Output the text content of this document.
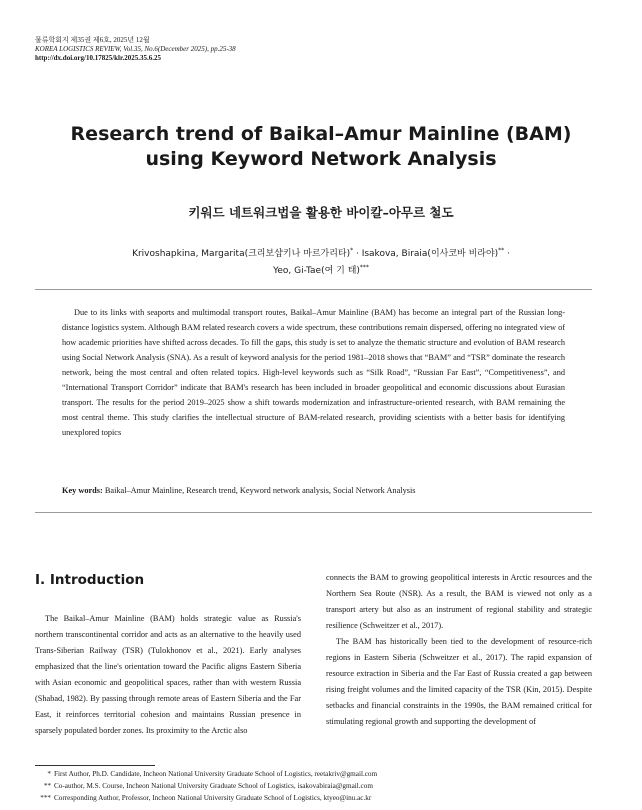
물류학회지 제35권 제6호, 2025년 12월
KOREA LOGISTICS REVIEW, Vol.35, No.6(December 2025), pp.25-38
http://dx.doi.org/10.17825/klr.2025.35.6.25
Research trend of Baikal–Amur Mainline (BAM)
using Keyword Network Analysis
키워드 네트워크법을 활용한 바이칼–아무르 철도
Krivoshapkina, Margarita(크리보샵키나 마르가리타)* · Isakova, Biraia(이사코바 비라야)** ·
Yeo, Gi-Tae(여 기 태)***

Due to its links with seaports and multimodal transport routes, Baikal–Amur Mainline (BAM) has become an integral part of the Russian long-distance logistics system. Although BAM related research covers a wide spectrum, these contributions remain dispersed, offering no integrated view of how academic priorities have shifted across decades. To fill the gaps, this study is set to analyze the thematic structure and evolution of BAM research using Social Network Analysis (SNA). As a result of keyword analysis for the period 1981–2018 shows that “BAM” and “TSR” dominate the research network, being the most central and often related topics. High-level keywords such as “Silk Road”, “Russian Far East”, “Competitiveness”, and “International Transport Corridor” indicate that BAM's research has been included in broader geopolitical and economic discussions about Eurasian transport. The results for the period 2019–2025 show a shift towards modernization and infrastructure-oriented research, with BAM remaining the most central theme. This study clarifies the intellectual structure of BAM-related research, providing scientists with a better basis for identifying unexplored topics

Key words: Baikal–Amur Mainline, Research trend, Keyword network analysis, Social Network Analysis
Ⅰ. Introduction

The Baikal–Amur Mainline (BAM) holds strategic value as Russia's northern transcontinental corridor and acts as an alternative to the heavily used Trans-Siberian Railway (TSR) (Tulokhonov et al., 2021). Early analyses emphasized that the line's orientation toward the Pacific aligns Eastern Siberia with Asian economic and geopolitical spaces, rather than with western Russia (Shabad, 1982). By passing through remote areas of Eastern Siberia and the Far East, it reinforces territorial cohesion and maintains Russian presence in sparsely populated border zones. Its proximity to the Arctic also

connects the BAM to growing geopolitical interests in Arctic resources and the Northern Sea Route (NSR). As a result, the BAM is viewed not only as a transport artery but also as an instrument of regional stability and strategic resilience (Schweitzer et al., 2017).

The BAM has historically been tied to the development of resource-rich regions in Eastern Siberia (Schweitzer et al., 2017). The rapid expansion of resource extraction in Siberia and the Far East of Russia created a gap between rising freight volumes and the limited capacity of the TSR (Kin, 2015). Despite setbacks and financial constraints in the 1990s, the BAM remained critical for stimulating regional growth and supporting the development of

* First Author, Ph.D. Candidate, Incheon National University Graduate School of Logistics, reetakriv@gmail.com
** Co-author, M.S. Course, Incheon National University Graduate School of Logistics, isakovabiraia@gmail.com
*** Corresponding Author, Professor, Incheon National University Graduate School of Logistics, ktyeo@inu.ac.kr
